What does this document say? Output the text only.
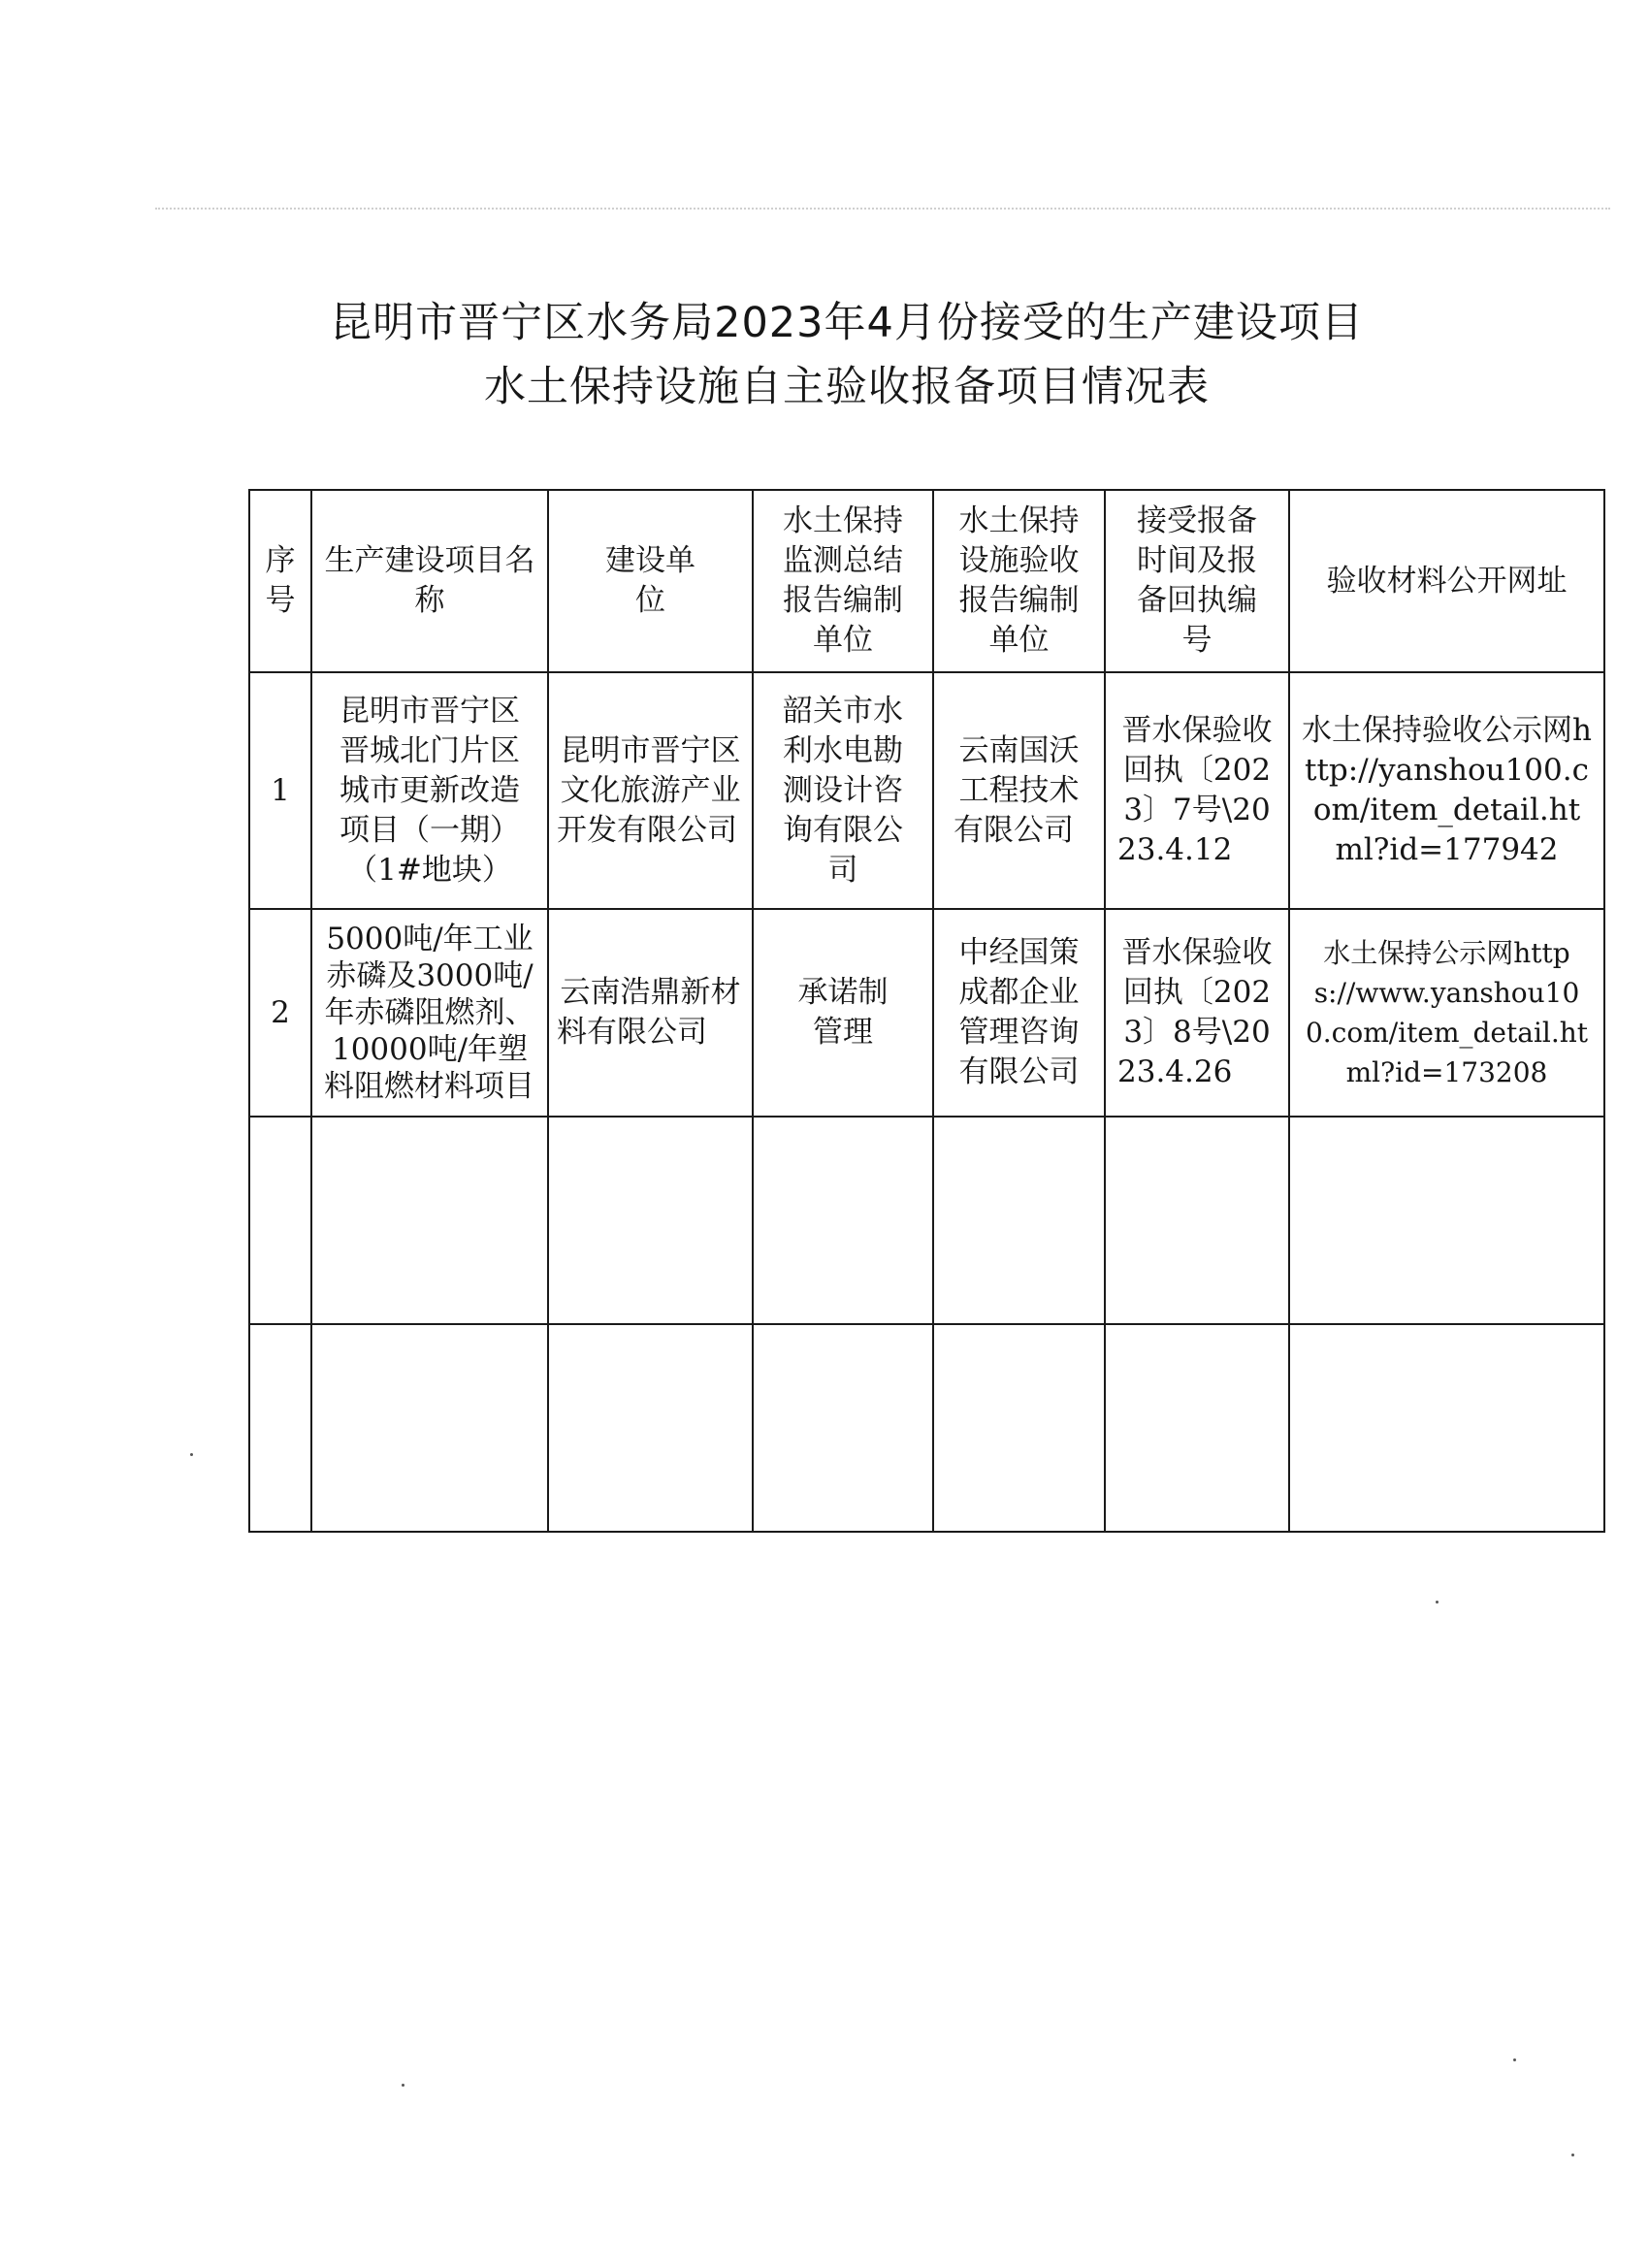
昆明市晋宁区水务局2023年4月份接受的生产建设项目
水土保持设施自主验收报备项目情况表
序号	生产建设项目名称	建设单位	水土保持监测总结报告编制单位	水土保持设施验收报告编制单位	接受报备时间及报备回执编号	验收材料公开网址
1	昆明市晋宁区晋城北门片区城市更新改造项目（一期）（1#地块）	昆明市晋宁区文化旅游产业开发有限公司	韶关市水利水电勘测设计咨询有限公司	云南国沃工程技术有限公司	晋水保验收回执〔2023〕7号\2023.4.12	水土保持验收公示网http://yanshou100.com/item_detail.html?id=177942
2	5000吨/年工业赤磷及3000吨/年赤磷阻燃剂、10000吨/年塑料阻燃材料项目	云南浩鼎新材料有限公司	承诺制管理	中经国策成都企业管理咨询有限公司	晋水保验收回执〔2023〕8号\2023.4.26	水土保持公示网https://www.yanshou100.com/item_detail.html?id=173208
